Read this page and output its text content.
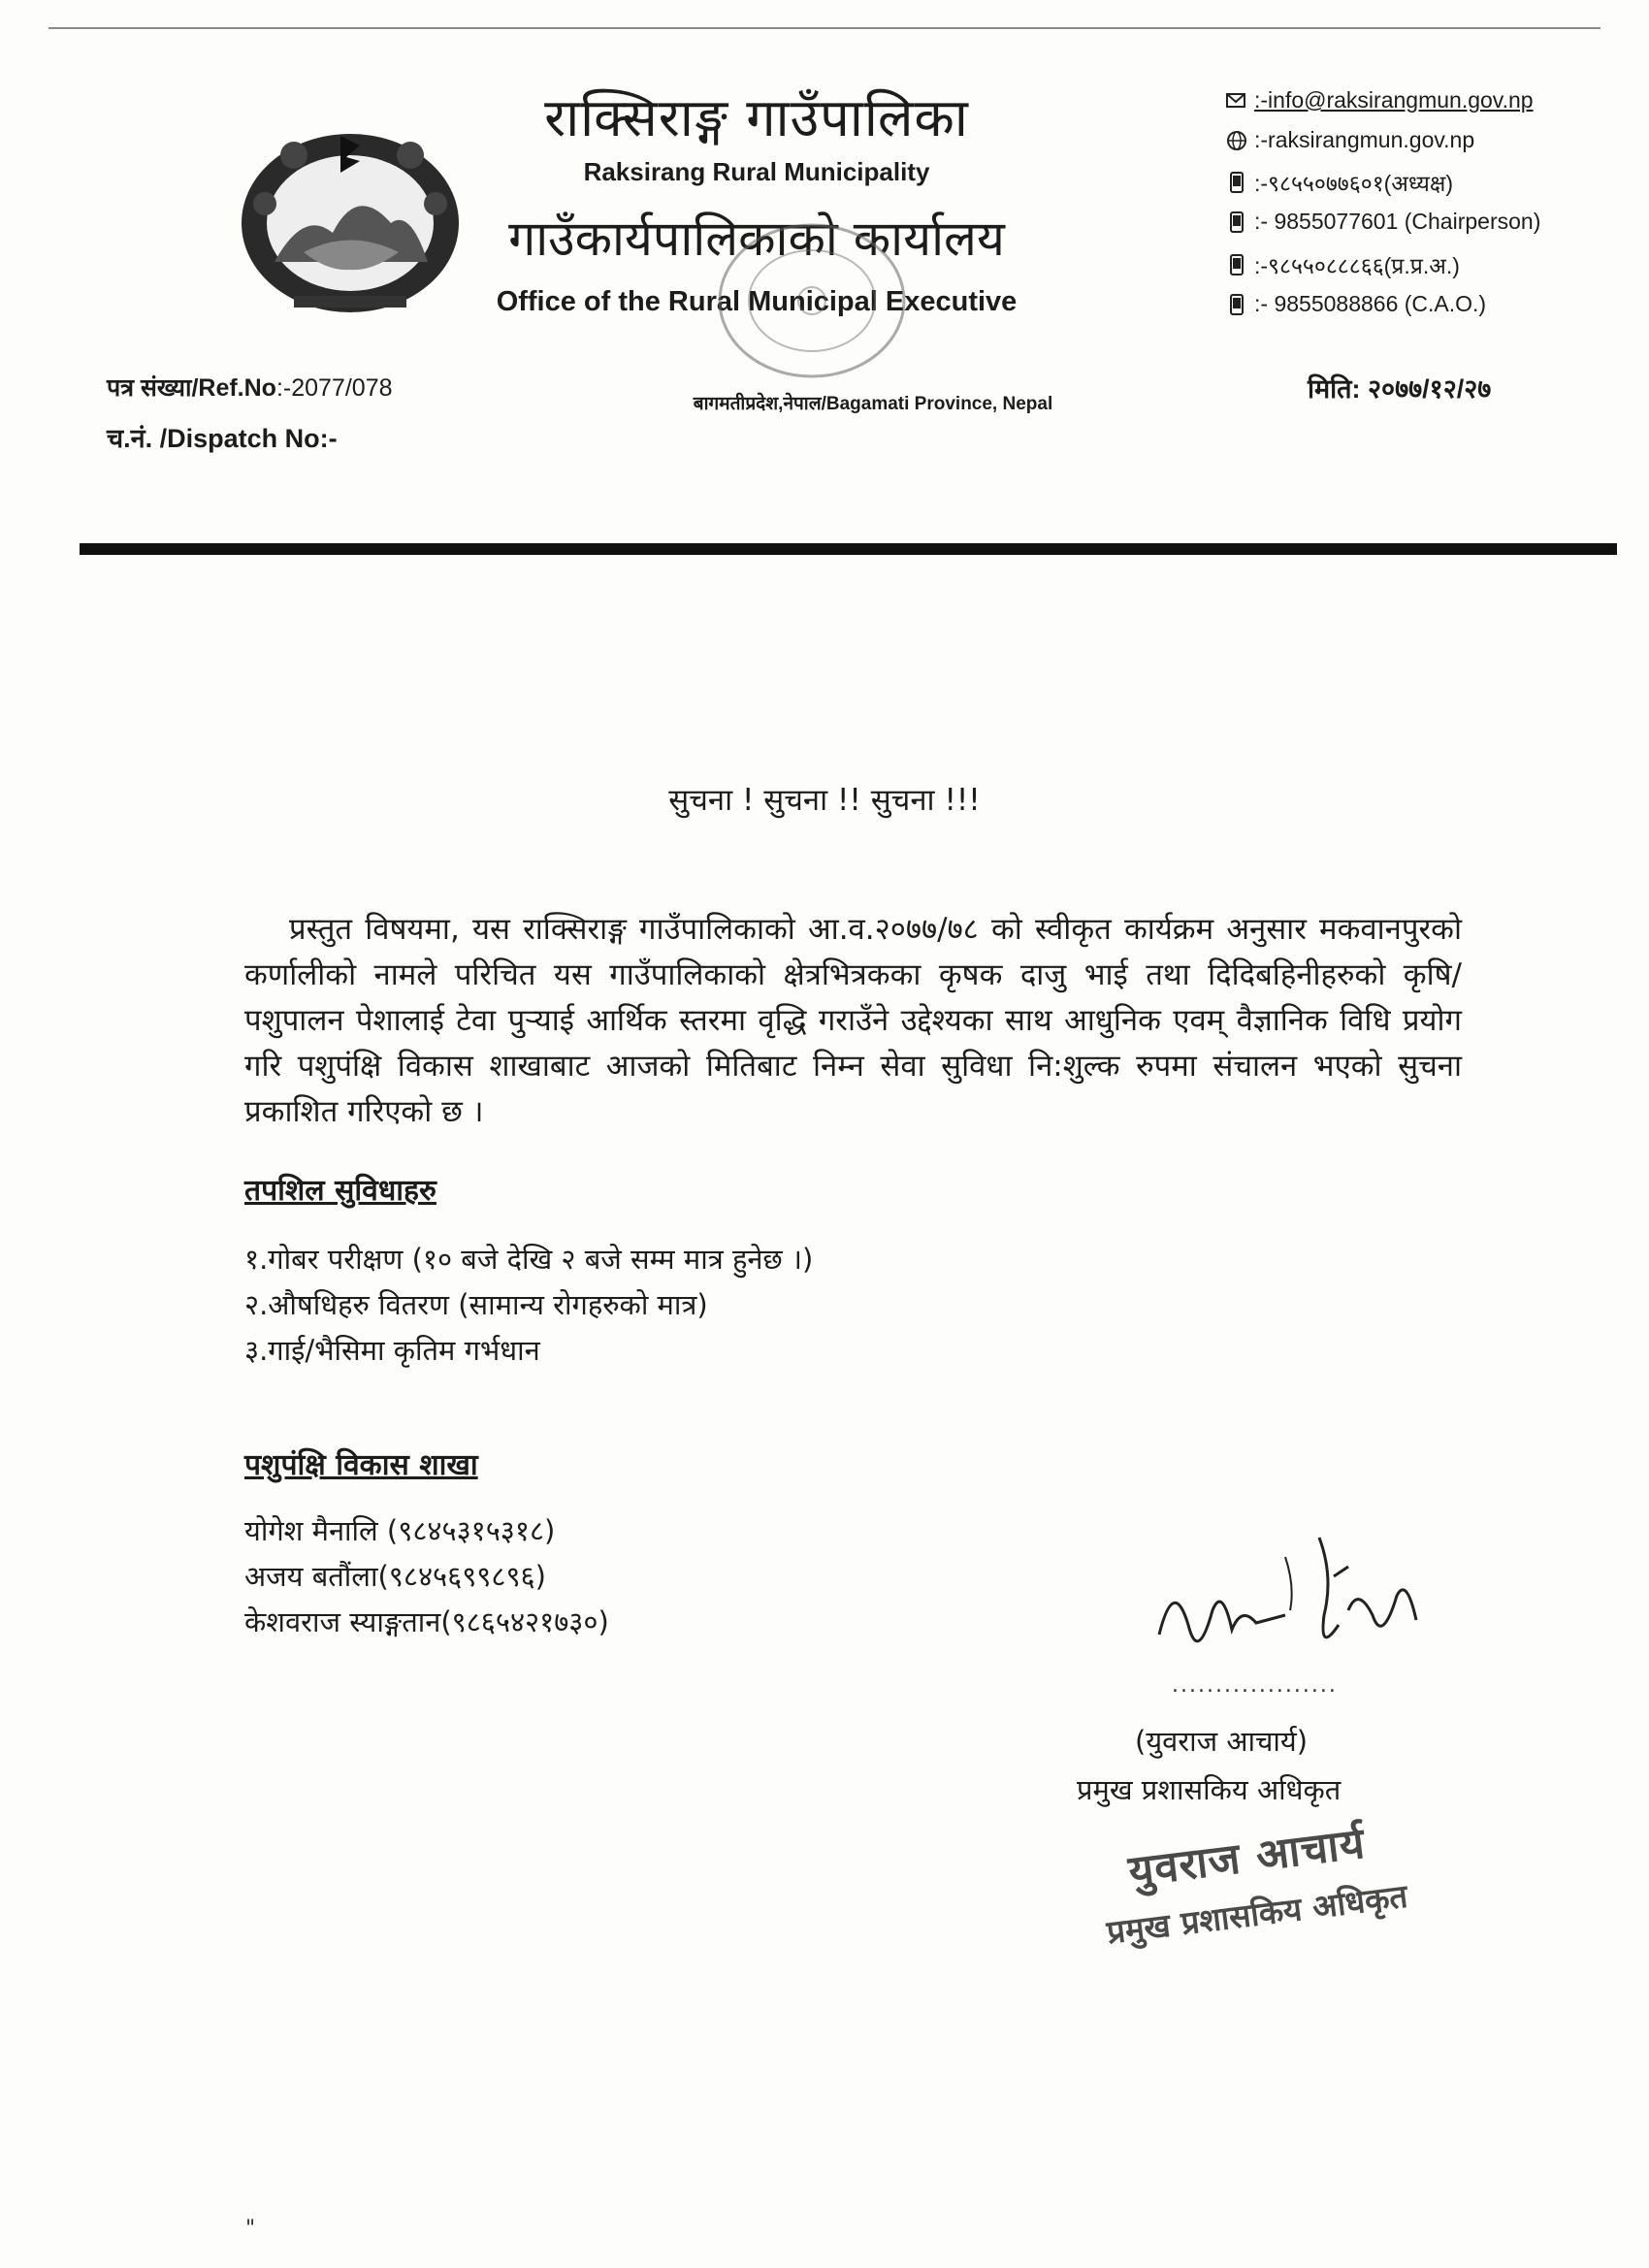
राक्सिराङ्ग गाउँपालिका
Raksirang Rural Municipality
गाउँकार्यपालिकाको कार्यालय
Office of the Rural Municipal Executive
बागमतीप्रदेश,नेपाल/Bagamati Province, Nepal
:-info@raksirangmun.gov.np
:-raksirangmun.gov.np
:-९८५५०७७६०१(अध्यक्ष)
:- 9855077601 (Chairperson)
:-९८५५०८८८६६(प्र.प्र.अ.)
:- 9855088866 (C.A.O.)
पत्र संख्या/Ref.No:-2077/078
च.नं. /Dispatch No:-
मिति: २०७७/१२/२७
सुचना ! सुचना !! सुचना !!!
प्रस्तुत विषयमा, यस राक्सिराङ्ग गाउँपालिकाको आ.व.२०७७/७८ को स्वीकृत कार्यक्रम अनुसार मकवानपुरको कर्णालीको नामले परिचित यस गाउँपालिकाको क्षेत्रभित्रकका कृषक दाजु भाई तथा दिदिबहिनीहरुको कृषि/पशुपालन पेशालाई टेवा पुर्‍याई आर्थिक स्तरमा वृद्धि गराउँने उद्देश्यका साथ आधुनिक एवम् वैज्ञानिक विधि प्रयोग गरि पशुपंक्षि विकास शाखाबाट आजको मितिबाट निम्न सेवा सुविधा नि:शुल्क रुपमा संचालन भएको सुचना प्रकाशित गरिएको छ ।
तपशिल सुविधाहरु
१.गोबर परीक्षण (१० बजे देखि २ बजे सम्म मात्र हुनेछ ।)
२.औषधिहरु वितरण (सामान्य रोगहरुको मात्र)
३.गाई/भैसिमा कृतिम गर्भधान
पशुपंक्षि विकास शाखा
योगेश मैनालि (९८४५३१५३१८)
अजय बतौंला(९८४५६९९८९६)
केशवराज स्याङ्गतान(९८६५४२१७३०)
...................
(युवराज आचार्य)
प्रमुख प्रशासकिय अधिकृत
युवराज आचार्य
प्रमुख प्रशासकिय अधिकृत
"
